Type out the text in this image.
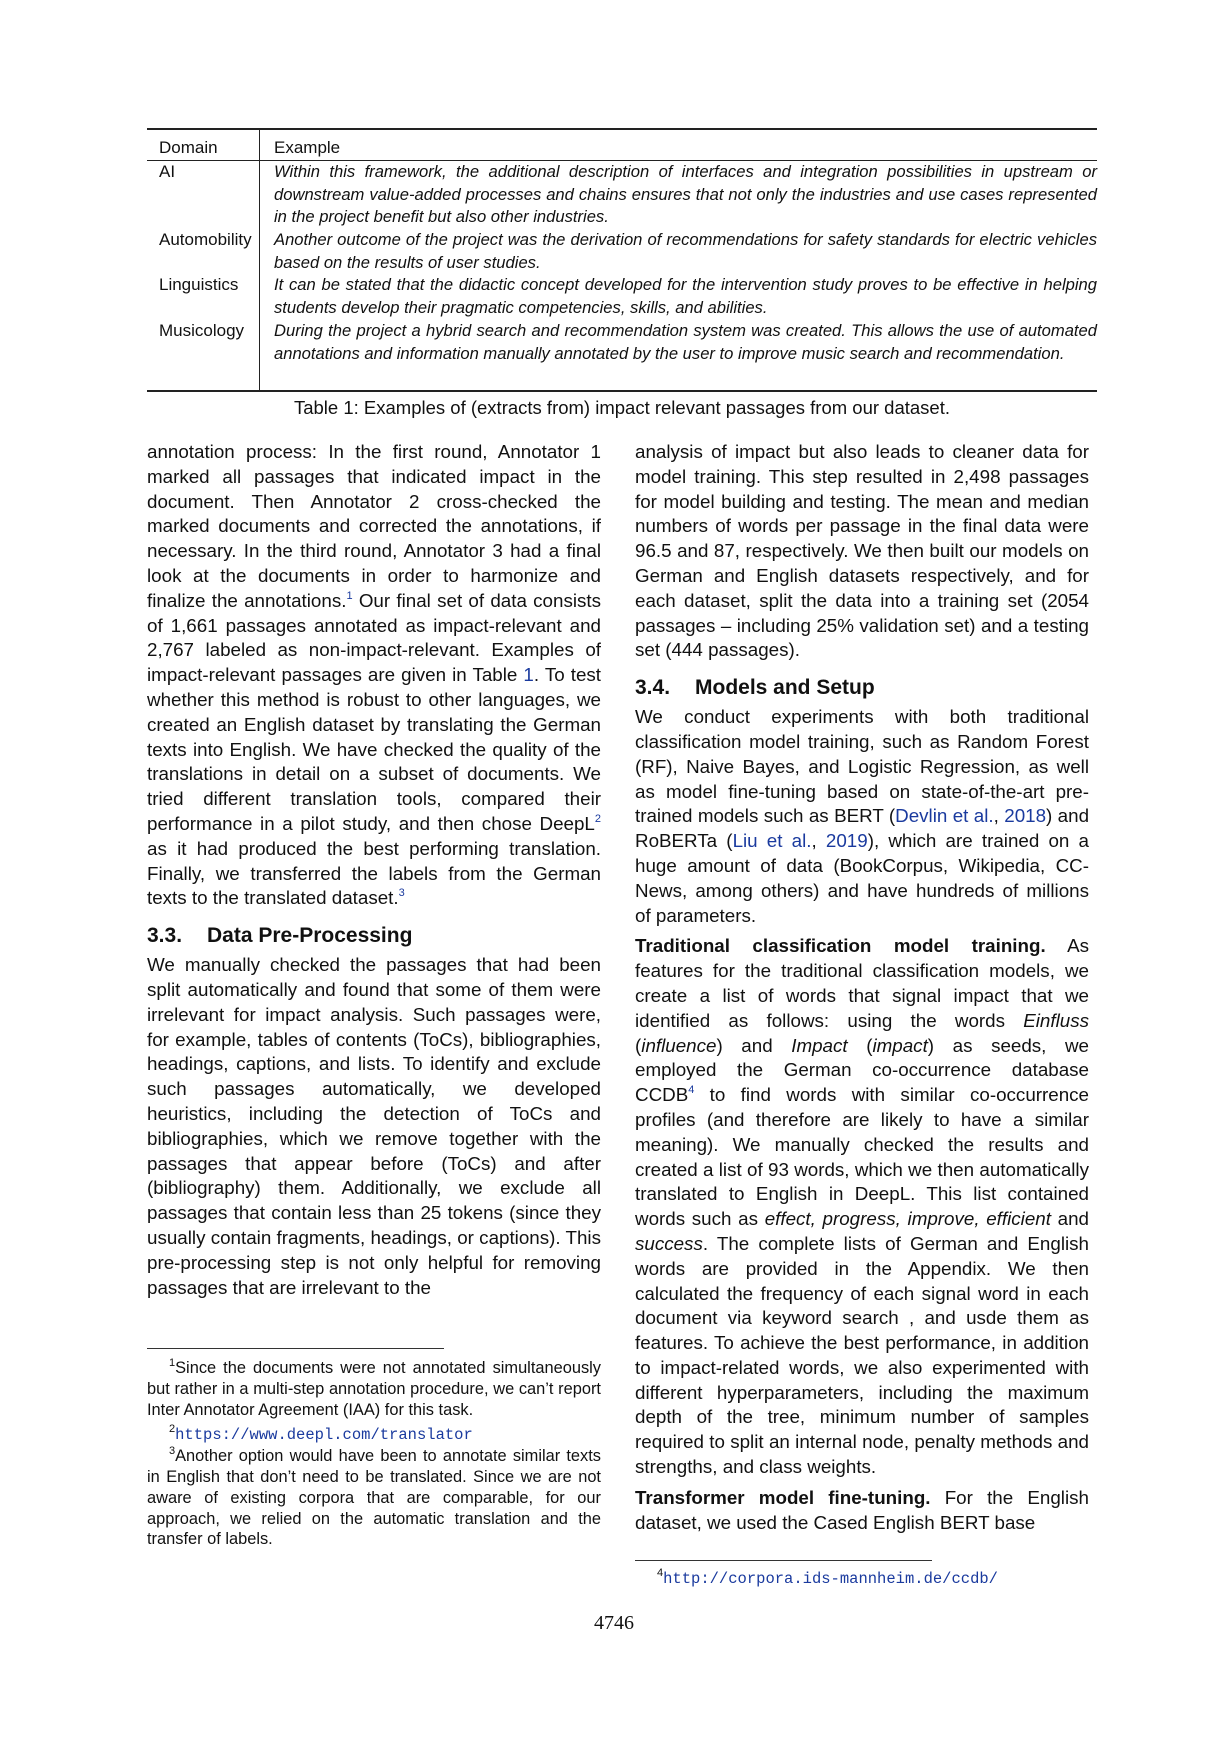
Domain	Example
AI	Within this framework, the additional description of interfaces and integration possibilities in upstream or downstream value-added processes and chains ensures that not only the industries and use cases represented in the project benefit but also other industries.
Automobility Another outcome of the project was the derivation of recommendations for safety standards for electric vehicles based on the results of user studies.
Linguistics It can be stated that the didactic concept developed for the intervention study proves to be effective in helping students develop their pragmatic competencies, skills, and abilities.
Musicology During the project a hybrid search and recommendation system was created. This allows the use of automated annotations and information manually annotated by the user to improve music search and recommendation.
Table 1: Examples of (extracts from) impact relevant passages from our dataset.

annotation process: In the first round, Annotator 1 marked all passages that indicated impact in the document. Then Annotator 2 cross-checked the marked documents and corrected the annotations, if necessary. In the third round, Annotator 3 had a final look at the documents in order to harmonize and finalize the annotations.$^1$ Our final set of data consists of 1,661 passages annotated as impact-relevant and 2,767 labeled as non-impact-relevant. Examples of impact-relevant passages are given in Table 1. To test whether this method is robust to other languages, we created an English dataset by translating the German texts into English. We have checked the quality of the translations in detail on a subset of documents. We tried different translation tools, compared their performance in a pilot study, and then chose DeepL$^2$ as it had produced the best performing translation. Finally, we transferred the labels from the German texts to the translated dataset.$^3$

3.3. Data Pre-Processing

We manually checked the passages that had been split automatically and found that some of them were irrelevant for impact analysis. Such passages were, for example, tables of contents (ToCs), bibliographies, headings, captions, and lists. To identify and exclude such passages automatically, we developed heuristics, including the detection of ToCs and bibliographies, which we remove together with the passages that appear before (ToCs) and after (bibliography) them. Additionally, we exclude all passages that contain less than 25 tokens (since they usually contain fragments, headings, or captions). This pre-processing step is not only helpful for removing passages that are irrelevant to the

$^1$Since the documents were not annotated simultaneously but rather in a multi-step annotation procedure, we can’t report Inter Annotator Agreement (IAA) for this task.

$^2$https://www.deepl.com/translator

$^3$Another option would have been to annotate similar texts in English that don’t need to be translated. Since we are not aware of existing corpora that are comparable, for our approach, we relied on the automatic translation and the transfer of labels.

analysis of impact but also leads to cleaner data for model training. This step resulted in 2,498 passages for model building and testing. The mean and median numbers of words per passage in the final data were 96.5 and 87, respectively. We then built our models on German and English datasets respectively, and for each dataset, split the data into a training set (2054 passages – including 25% validation set) and a testing set (444 passages).

3.4. Models and Setup

We conduct experiments with both traditional classification model training, such as Random Forest (RF), Naive Bayes, and Logistic Regression, as well as model fine-tuning based on state-of-the-art pre-trained models such as BERT (Devlin et al., 2018) and RoBERTa (Liu et al., 2019), which are trained on a huge amount of data (BookCorpus, Wikipedia, CC-News, among others) and have hundreds of millions of parameters.

Traditional classification model training. As features for the traditional classification models, we create a list of words that signal impact that we identified as follows: using the words Einfluss (influence) and Impact (impact) as seeds, we employed the German co-occurrence database CCDB$^4$ to find words with similar co-occurrence profiles (and therefore are likely to have a similar meaning). We manually checked the results and created a list of 93 words, which we then automatically translated to English in DeepL. This list contained words such as effect, progress, improve, efficient and success. The complete lists of German and English words are provided in the Appendix. We then calculated the frequency of each signal word in each document via keyword search , and usde them as features. To achieve the best performance, in addition to impact-related words, we also experimented with different hyperparameters, including the maximum depth of the tree, minimum number of samples required to split an internal node, penalty methods and strengths, and class weights.

Transformer model fine-tuning. For the English dataset, we used the Cased English BERT base

$^4$http://corpora.ids-mannheim.de/ccdb/

4746
